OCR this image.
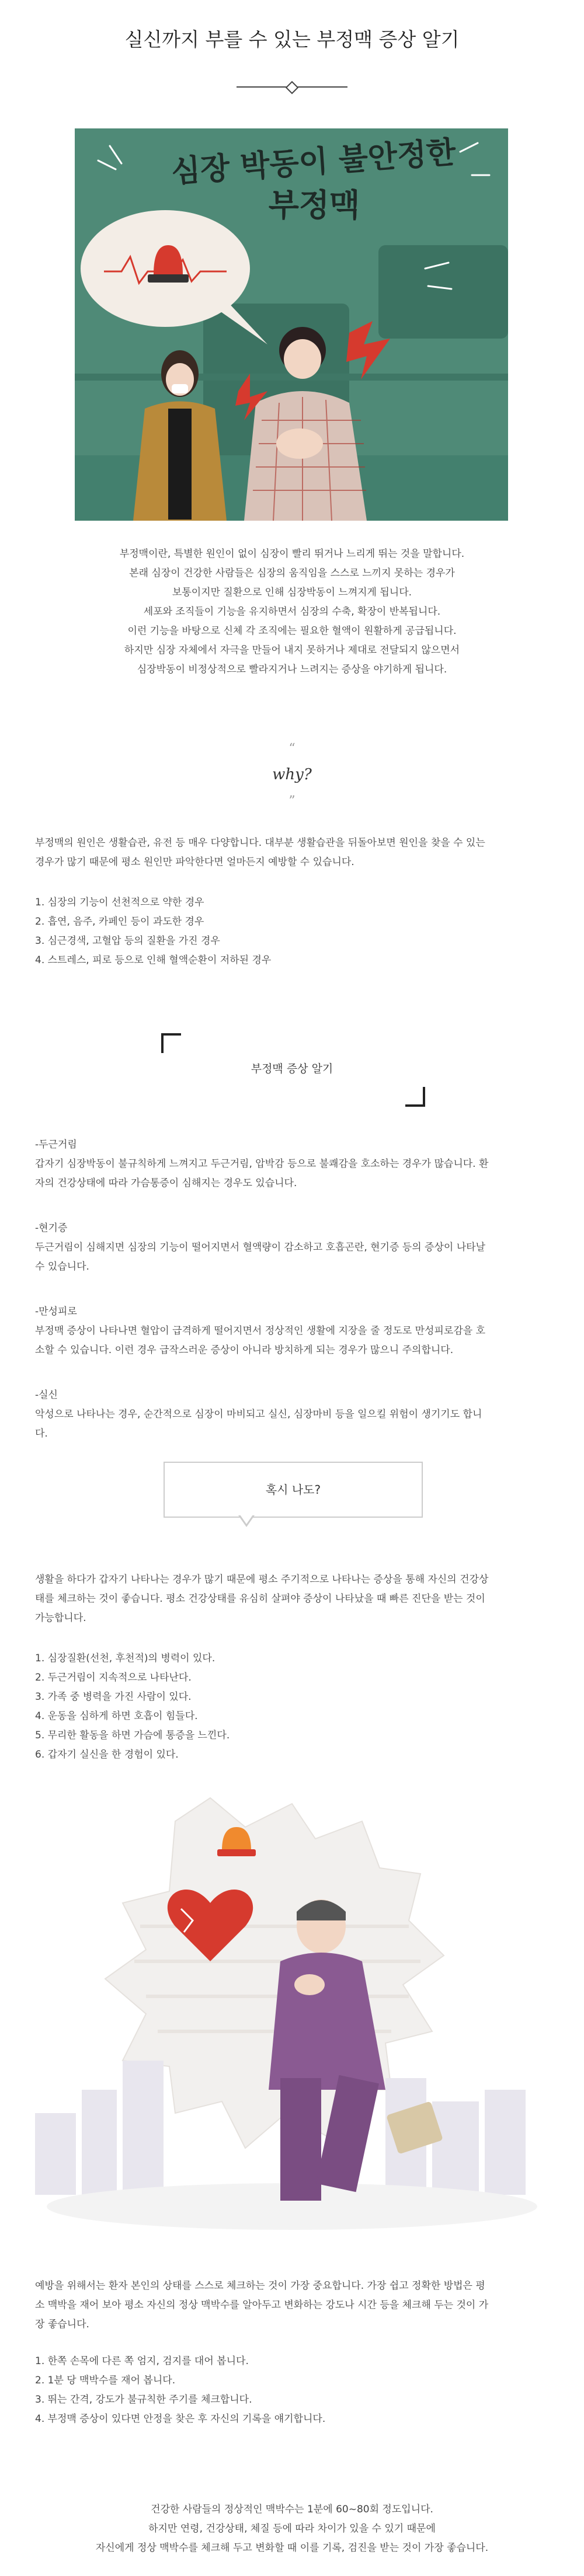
실신까지 부를 수 있는 부정맥 증상 알기
심장 박동이 불안정한
부정맥
부정맥이란, 특별한 원인이 없이 심장이 빨리 뛰거나 느리게 뛰는 것을 말합니다.
본래 심장이 건강한 사람들은 심장의 움직임을 스스로 느끼지 못하는 경우가
보통이지만 질환으로 인해 심장박동이 느껴지게 됩니다.
세포와 조직들이 기능을 유지하면서 심장의 수축, 확장이 반복됩니다.
이런 기능을 바탕으로 신체 각 조직에는 필요한 혈액이 원활하게 공급됩니다.
하지만 심장 자체에서 자극을 만들어 내지 못하거나 제대로 전달되지 않으면서
심장박동이 비정상적으로 빨라지거나 느려지는 증상을 야기하게 됩니다.
“
why?
”
부정맥의 원인은 생활습관, 유전 등 매우 다양합니다. 대부분 생활습관을 뒤돌아보면 원인을 찾을 수 있는
경우가 많기 때문에 평소 원인만 파악한다면 얼마든지 예방할 수 있습니다.
1. 심장의 기능이 선천적으로 약한 경우
2. 흡연, 음주, 카페인 등이 과도한 경우
3. 심근경색, 고혈압 등의 질환을 가진 경우
4. 스트레스, 피로 등으로 인해 혈액순환이 저하된 경우
부정맥 증상 알기
-두근거림
갑자기 심장박동이 불규칙하게 느껴지고 두근거림, 압박감 등으로 불쾌감을 호소하는 경우가 많습니다. 환
자의 건강상태에 따라 가슴통증이 심해지는 경우도 있습니다.
-현기증
두근거림이 심해지면 심장의 기능이 떨어지면서 혈액량이 감소하고 호흡곤란, 현기증 등의 증상이 나타날
수 있습니다.
-만성피로
부정맥 증상이 나타나면 혈압이 급격하게 떨어지면서 정상적인 생활에 지장을 줄 정도로 만성피로감을 호
소할 수 있습니다. 이런 경우 급작스러운 증상이 아니라 방치하게 되는 경우가 많으니 주의합니다.
-실신
악성으로 나타나는 경우, 순간적으로 심장이 마비되고 실신, 심장마비 등을 일으킬 위험이 생기기도 합니
다.
혹시 나도?
생활을 하다가 갑자기 나타나는 경우가 많기 때문에 평소 주기적으로 나타나는 증상을 통해 자신의 건강상
태를 체크하는 것이 좋습니다. 평소 건강상태를 유심히 살펴야 증상이 나타났을 때 빠른 진단을 받는 것이
가능합니다.
1. 심장질환(선천, 후천적)의 병력이 있다.
2. 두근거림이 지속적으로 나타난다.
3. 가족 중 병력을 가진 사람이 있다.
4. 운동을 심하게 하면 호흡이 힘들다.
5. 무리한 활동을 하면 가슴에 통증을 느낀다.
6. 갑자기 실신을 한 경험이 있다.
예방을 위해서는 환자 본인의 상태를 스스로 체크하는 것이 가장 중요합니다. 가장 쉽고 정확한 방법은 평
소 맥박을 재어 보아 평소 자신의 정상 맥박수를 알아두고 변화하는 강도나 시간 등을 체크해 두는 것이 가
장 좋습니다.
1. 한쪽 손목에 다른 쪽 엄지, 검지를 대어 봅니다.
2. 1분 당 맥박수를 재어 봅니다.
3. 뛰는 간격, 강도가 불규칙한 주기를 체크합니다.
4. 부정맥 증상이 있다면 안정을 찾은 후 자신의 기록을 얘기합니다.
건강한 사람들의 정상적인 맥박수는 1분에 60~80회 정도입니다.
하지만 연령, 건강상태, 체질 등에 따라 차이가 있을 수 있기 때문에
자신에게 정상 맥박수를 체크해 두고 변화할 때 이를 기록, 검진을 받는 것이 가장 좋습니다.
